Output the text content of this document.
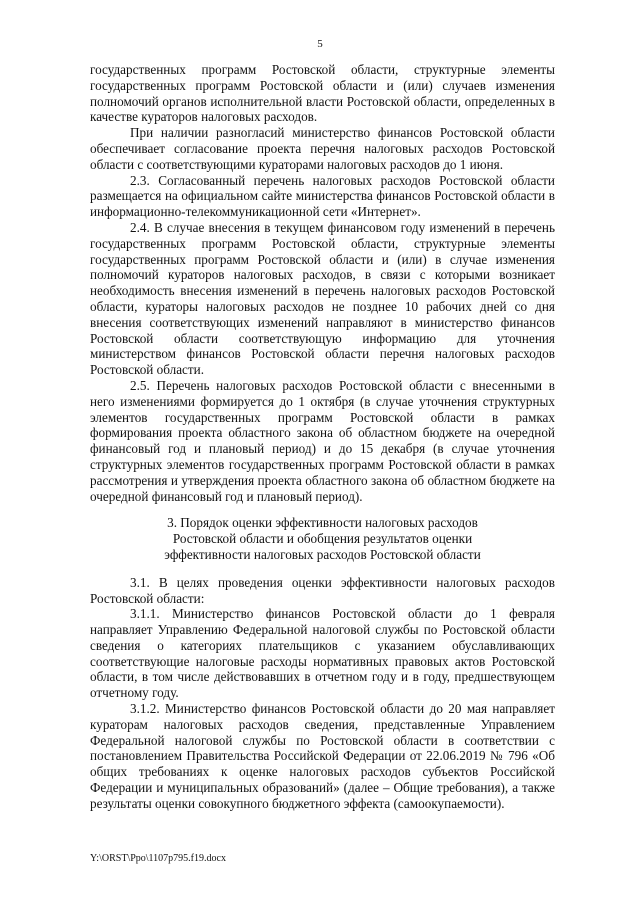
5

государственных программ Ростовской области, структурные элементы государственных программ Ростовской области и (или) случаев изменения полномочий органов исполнительной власти Ростовской области, определенных в качестве кураторов налоговых расходов.

При наличии разногласий министерство финансов Ростовской области обеспечивает согласование проекта перечня налоговых расходов Ростовской области с соответствующими кураторами налоговых расходов до 1 июня.

2.3. Согласованный перечень налоговых расходов Ростовской области размещается на официальном сайте министерства финансов Ростовской области в информационно-телекоммуникационной сети «Интернет».

2.4. В случае внесения в текущем финансовом году изменений в перечень государственных программ Ростовской области, структурные элементы государственных программ Ростовской области и (или) в случае изменения полномочий кураторов налоговых расходов, в связи с которыми возникает необходимость внесения изменений в перечень налоговых расходов Ростовской области, кураторы налоговых расходов не позднее 10 рабочих дней со дня внесения соответствующих изменений направляют в министерство финансов Ростовской области соответствующую информацию для уточнения министерством финансов Ростовской области перечня налоговых расходов Ростовской области.

2.5. Перечень налоговых расходов Ростовской области с внесенными в него изменениями формируется до 1 октября (в случае уточнения структурных элементов государственных программ Ростовской области в рамках формирования проекта областного закона об областном бюджете на очередной финансовый год и плановый период) и до 15 декабря (в случае уточнения структурных элементов государственных программ Ростовской области в рамках рассмотрения и утверждения проекта областного закона об областном бюджете на очередной финансовый год и плановый период).

3. Порядок оценки эффективности налоговых расходов
Ростовской области и обобщения результатов оценки
эффективности налоговых расходов Ростовской области

3.1. В целях проведения оценки эффективности налоговых расходов Ростовской области:

3.1.1. Министерство финансов Ростовской области до 1 февраля направляет Управлению Федеральной налоговой службы по Ростовской области сведения о категориях плательщиков с указанием обуславливающих соответствующие налоговые расходы нормативных правовых актов Ростовской области, в том числе действовавших в отчетном году и в году, предшествующем отчетному году.

3.1.2. Министерство финансов Ростовской области до 20 мая направляет кураторам налоговых расходов сведения, представленные Управлением Федеральной налоговой службы по Ростовской области в соответствии с постановлением Правительства Российской Федерации от 22.06.2019 № 796 «Об общих требованиях к оценке налоговых расходов субъектов Российской Федерации и муниципальных образований» (далее – Общие требования), а также результаты оценки совокупного бюджетного эффекта (самоокупаемости).

Y:\ORST\Ppo\1107p795.f19.docx
